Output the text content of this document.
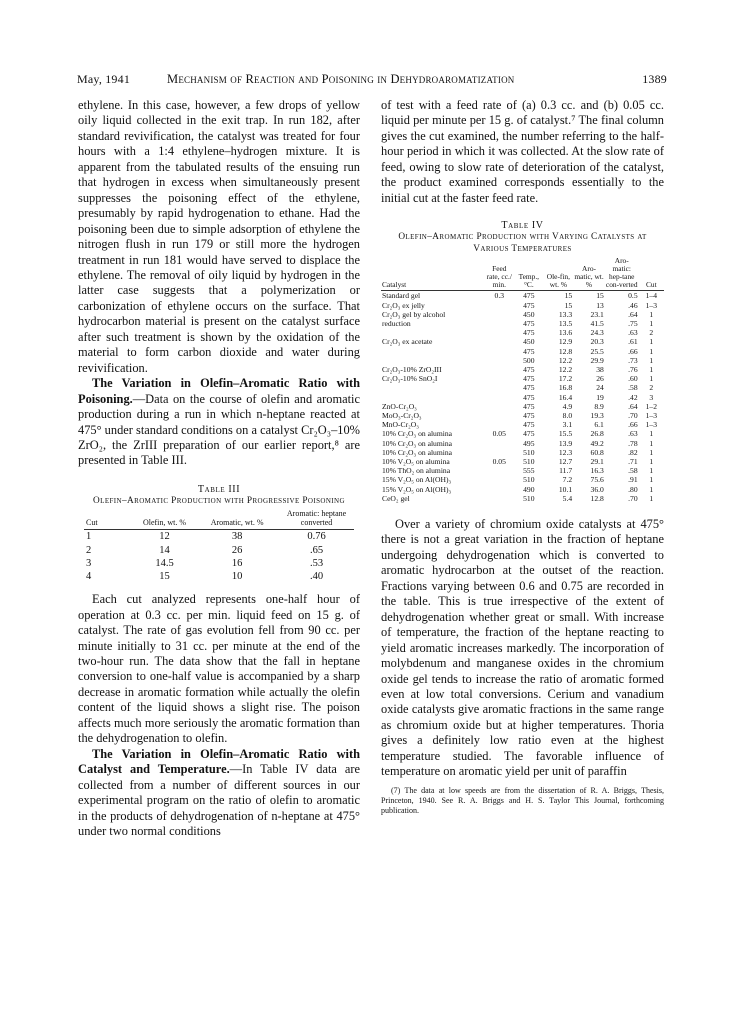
May, 1941	Mechanism of Reaction and Poisoning in Dehydroaromatization	1389

ethylene. In this case, however, a few drops of yellow oily liquid collected in the exit trap. In run 182, after standard revivification, the catalyst was treated for four hours with a 1:4 ethylene–hydrogen mixture. It is apparent from the tabulated results of the ensuing run that hydrogen in excess when simultaneously present suppresses the poisoning effect of the ethylene, presumably by rapid hydrogenation to ethane. Had the poisoning been due to simple adsorption of ethylene the nitrogen flush in run 179 or still more the hydrogen treatment in run 181 would have served to displace the ethylene. The removal of oily liquid by hydrogen in the latter case suggests that a polymerization or carbonization of ethylene occurs on the surface. That hydrocarbon material is present on the catalyst surface after such treatment is shown by the oxidation of the material to form carbon dioxide and water during revivification.

The Variation in Olefin–Aromatic Ratio with Poisoning.—Data on the course of olefin and aromatic production during a run in which n-heptane reacted at 475° under standard conditions on a catalyst Cr₂O₃–10% ZrO₂, the ZrIII preparation of our earlier report,⁸ are presented in Table III.

Table III

Olefin–Aromatic Production with Progressive Poisoning

Cut	Olefin, wt. %	Aromatic, wt. %	Aromatic: heptane converted
1	12	38	0.76
2	14	26	.65
3	14.5	16	.53
4	15	10	.40

Each cut analyzed represents one-half hour of operation at 0.3 cc. per min. liquid feed on 15 g. of catalyst. The rate of gas evolution fell from 90 cc. per minute initially to 31 cc. per minute at the end of the two-hour run. The data show that the fall in heptane conversion to one-half value is accompanied by a sharp decrease in aromatic formation while actually the olefin content of the liquid shows a slight rise. The poison affects much more seriously the aromatic formation than the dehydrogenation to olefin.

The Variation in Olefin–Aromatic Ratio with Catalyst and Temperature.—In Table IV data are collected from a number of different sources in our experimental program on the ratio of olefin to aromatic in the products of dehydrogenation of n-heptane at 475° under two normal conditions

of test with a feed rate of (a) 0.3 cc. and (b) 0.05 cc. liquid per minute per 15 g. of catalyst.⁷ The final column gives the cut examined, the number referring to the half-hour period in which it was collected. At the slow rate of feed, owing to slow rate of deterioration of the catalyst, the product examined corresponds essentially to the initial cut at the faster feed rate.

Table IV

Olefin–Aromatic Production with Varying Catalysts at Various Temperatures

Catalyst	Feed rate, cc./ min.	Temp., °C.	Ole-fin, wt. %	Aro-matic, wt. %	Aro-matic: hep-tane con-verted	Cut
Standard gel	0.3	475	15	15	0.5	1–4
Cr₂O₃ ex jelly		475	15	13	.46	1–3
Cr₂O₃ gel by alcohol		450	13.3	23.1	.64	1
reduction		475	13.5	41.5	.75	1
		475	13.6	24.3	.63	2
Cr₂O₃ ex acetate		450	12.9	20.3	.61	1
		475	12.8	25.5	.66	1
		500	12.2	29.9	.73	1
Cr₂O₃-10% ZrO₂III		475	12.2	38	.76	1
Cr₂O₃-10% SnO₂I		475	17.2	26	.60	1
		475	16.8	24	.58	2
		475	16.4	19	.42	3
ZnO-Cr₂O₃		475	4.9	8.9	.64	1–2
MoO₃-Cr₂O₃		475	8.0	19.3	.70	1–3
MnO-Cr₂O₃		475	3.1	6.1	.66	1–3
10% Cr₂O₃ on alumina	0.05	475	15.5	26.8	.63	1
10% Cr₂O₃ on alumina		495	13.9	49.2	.78	1
10% Cr₂O₃ on alumina		510	12.3	60.8	.82	1
10% V₂O₅ on alumina	0.05	510	12.7	29.1	.71	1
10% ThO₂ on alumina		555	11.7	16.3	.58	1
15% V₂O₅ on Al(OH)₃		510	7.2	75.6	.91	1
15% V₂O₅ on Al(OH)₃		490	10.1	36.0	.80	1
CeO₂ gel		510	5.4	12.8	.70	1

Over a variety of chromium oxide catalysts at 475° there is not a great variation in the fraction of heptane undergoing dehydrogenation which is converted to aromatic hydrocarbon at the outset of the reaction. Fractions varying between 0.6 and 0.75 are recorded in the table. This is true irrespective of the extent of dehydrogenation whether great or small. With increase of temperature, the fraction of the heptane reacting to yield aromatic increases markedly. The incorporation of molybdenum and manganese oxides in the chromium oxide gel tends to increase the ratio of aromatic formed even at low total conversions. Cerium and vanadium oxide catalysts give aromatic fractions in the same range as chromium oxide but at higher temperatures. Thoria gives a definitely low ratio even at the highest temperature studied. The favorable influence of temperature on aromatic yield per unit of paraffin

(7) The data at low speeds are from the dissertation of R. A. Briggs, Thesis, Princeton, 1940. See R. A. Briggs and H. S. Taylor This Journal, forthcoming publication.
